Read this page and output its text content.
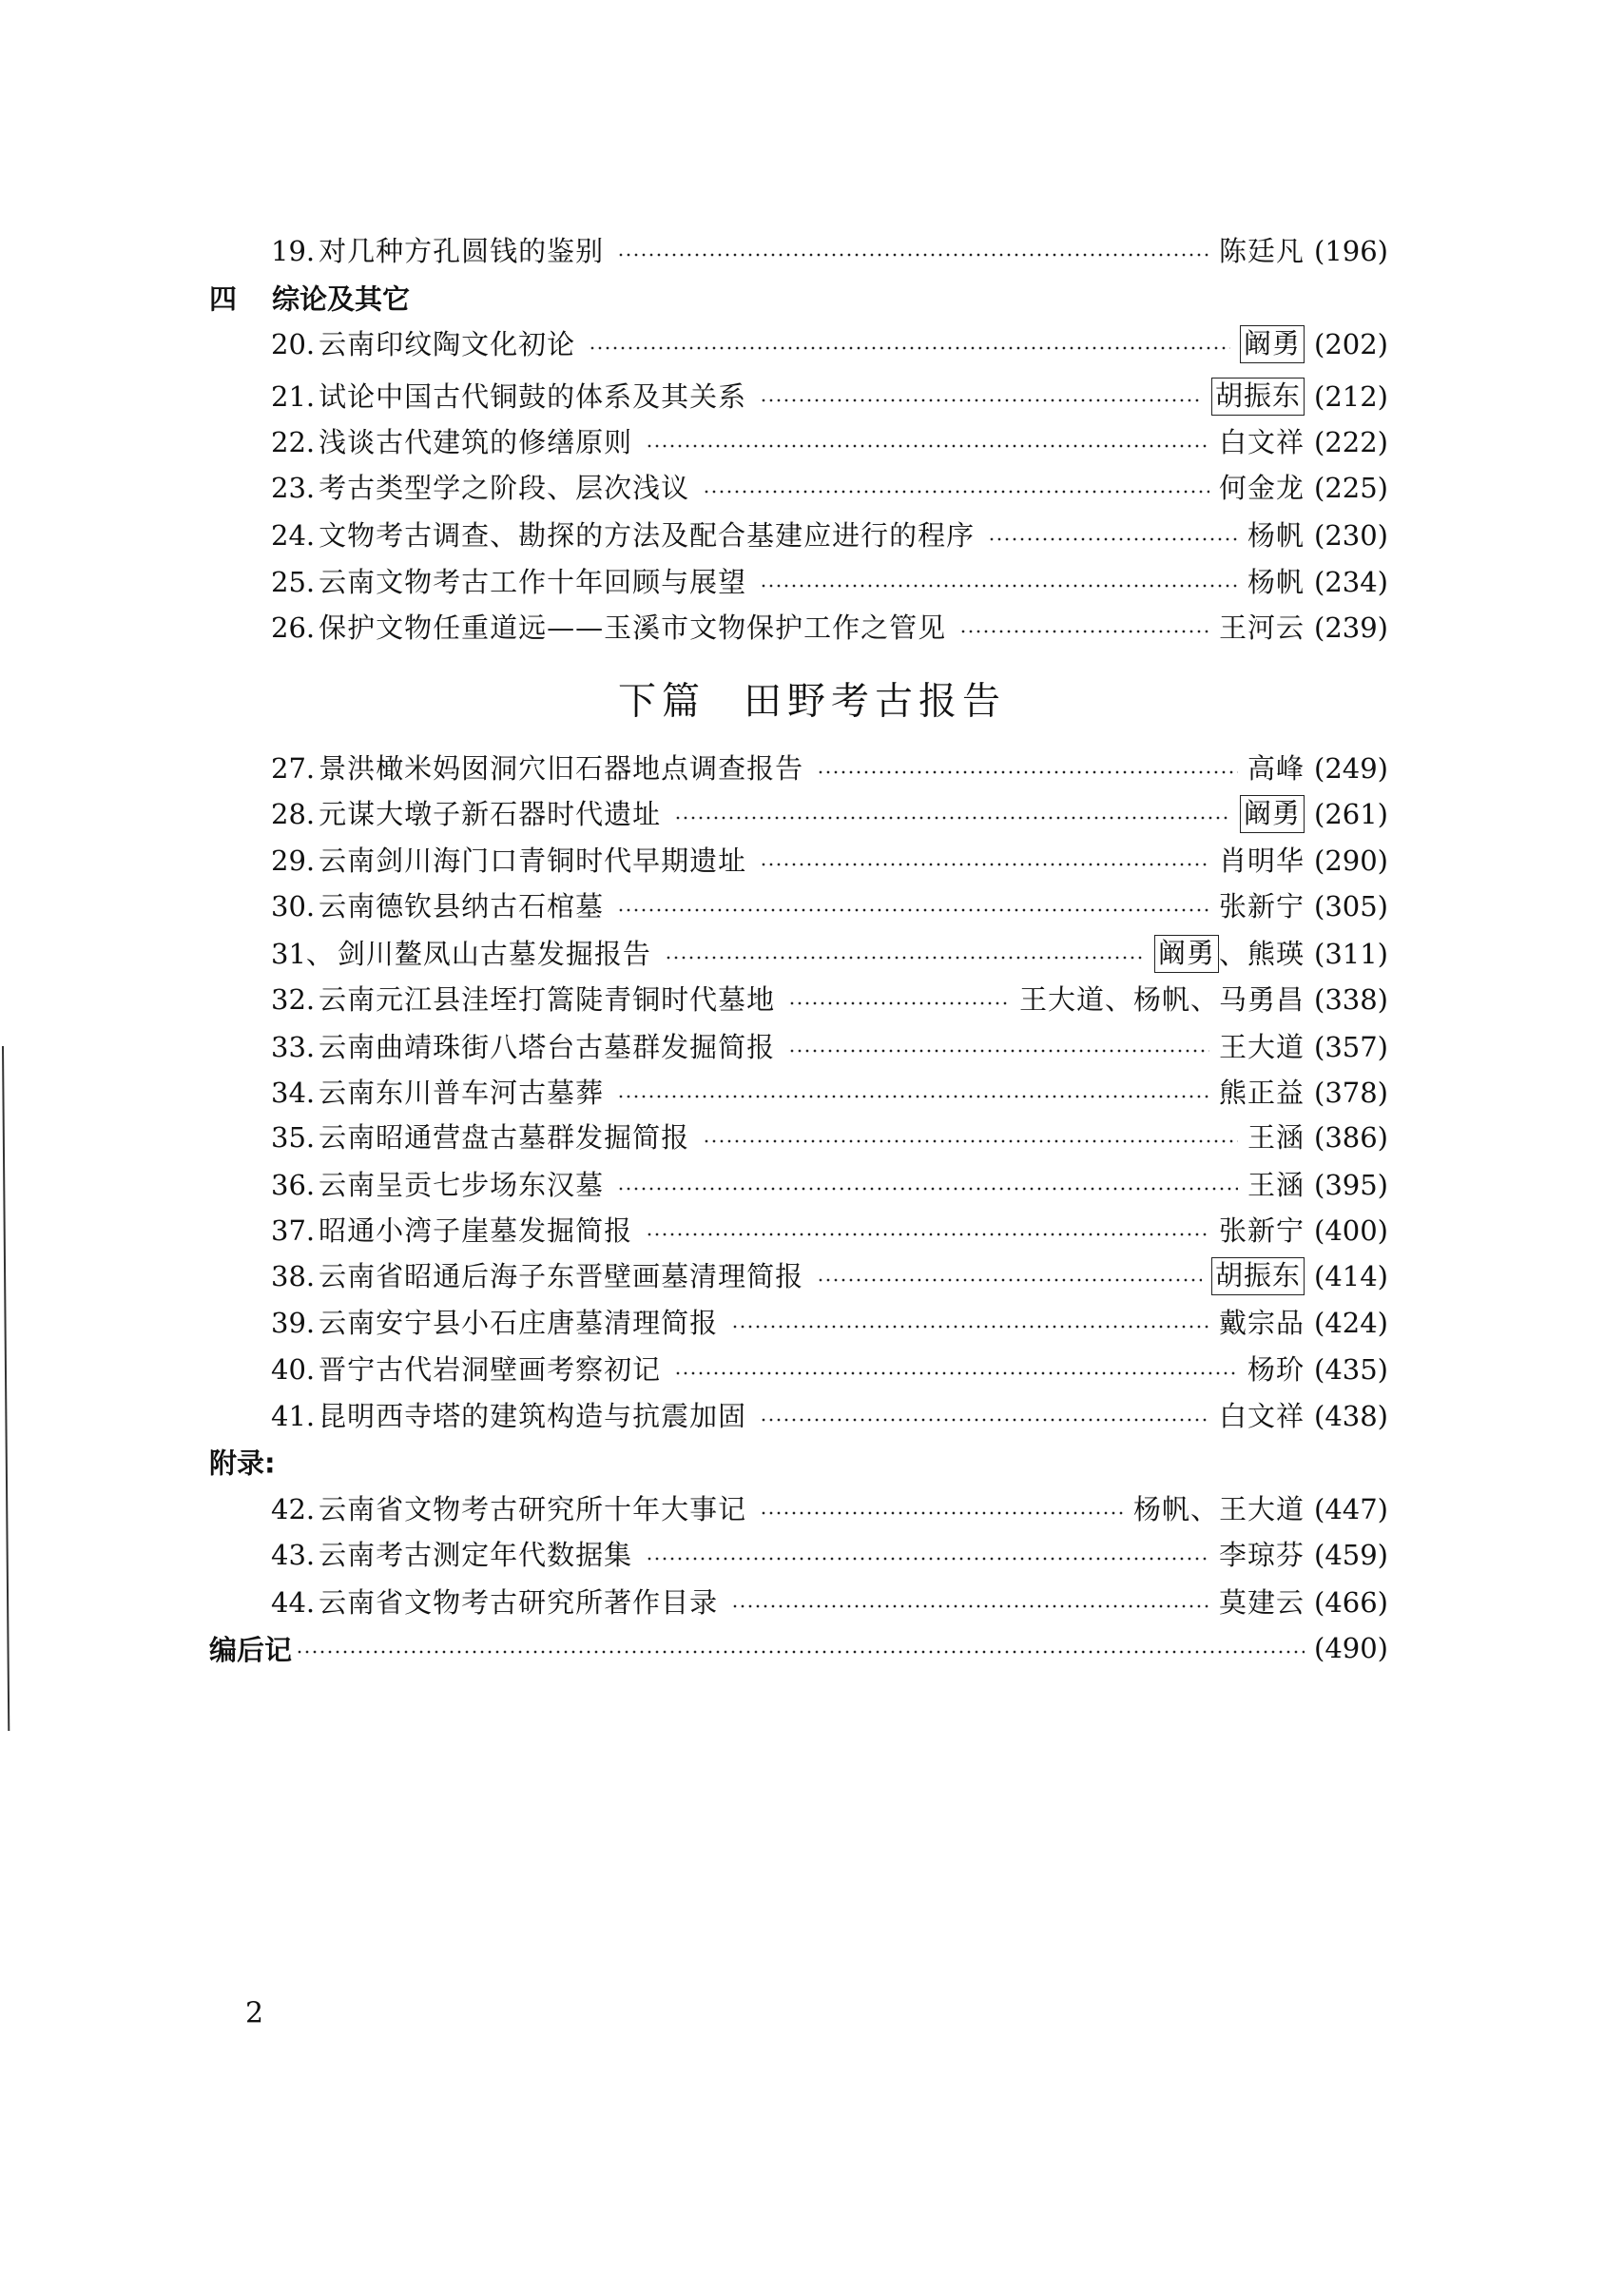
19. 对几种方孔圆钱的鉴别	陈廷凡 (196)
四 综论及其它
20. 云南印纹陶文化初论	阚勇 (202)
21. 试论中国古代铜鼓的体系及其关系	胡振东 (212)
22. 浅谈古代建筑的修缮原则	白文祥 (222)
23. 考古类型学之阶段、层次浅议	何金龙 (225)
24. 文物考古调查、勘探的方法及配合基建应进行的程序	杨帆 (230)
25. 云南文物考古工作十年回顾与展望	杨帆 (234)
26. 保护文物任重道远——玉溪市文物保护工作之管见	王河云 (239)
下篇 田野考古报告
27. 景洪橄米妈囡洞穴旧石器地点调查报告	高峰 (249)
28. 元谋大墩子新石器时代遗址	阚勇 (261)
29. 云南剑川海门口青铜时代早期遗址	肖明华 (290)
30. 云南德钦县纳古石棺墓	张新宁 (305)
31、 剑川鳌凤山古墓发掘报告	阚勇 、熊瑛 (311)
32. 云南元江县洼垤打篙陡青铜时代墓地	王大道、杨帆、马勇昌 (338)
33. 云南曲靖珠街八塔台古墓群发掘简报	王大道 (357)
34. 云南东川普车河古墓葬	熊正益 (378)
35. 云南昭通营盘古墓群发掘简报	王涵 (386)
36. 云南呈贡七步场东汉墓	王涵 (395)
37. 昭通小湾子崖墓发掘简报	张新宁 (400)
38. 云南省昭通后海子东晋壁画墓清理简报	胡振东 (414)
39. 云南安宁县小石庄唐墓清理简报	戴宗品 (424)
40. 晋宁古代岩洞壁画考察初记	杨玠 (435)
41. 昆明西寺塔的建筑构造与抗震加固	白文祥 (438)
附录:
42. 云南省文物考古研究所十年大事记	杨帆、王大道 (447)
43. 云南考古测定年代数据集	李琼芬 (459)
44. 云南省文物考古研究所著作目录	莫建云 (466)
编后记	(490)
2
